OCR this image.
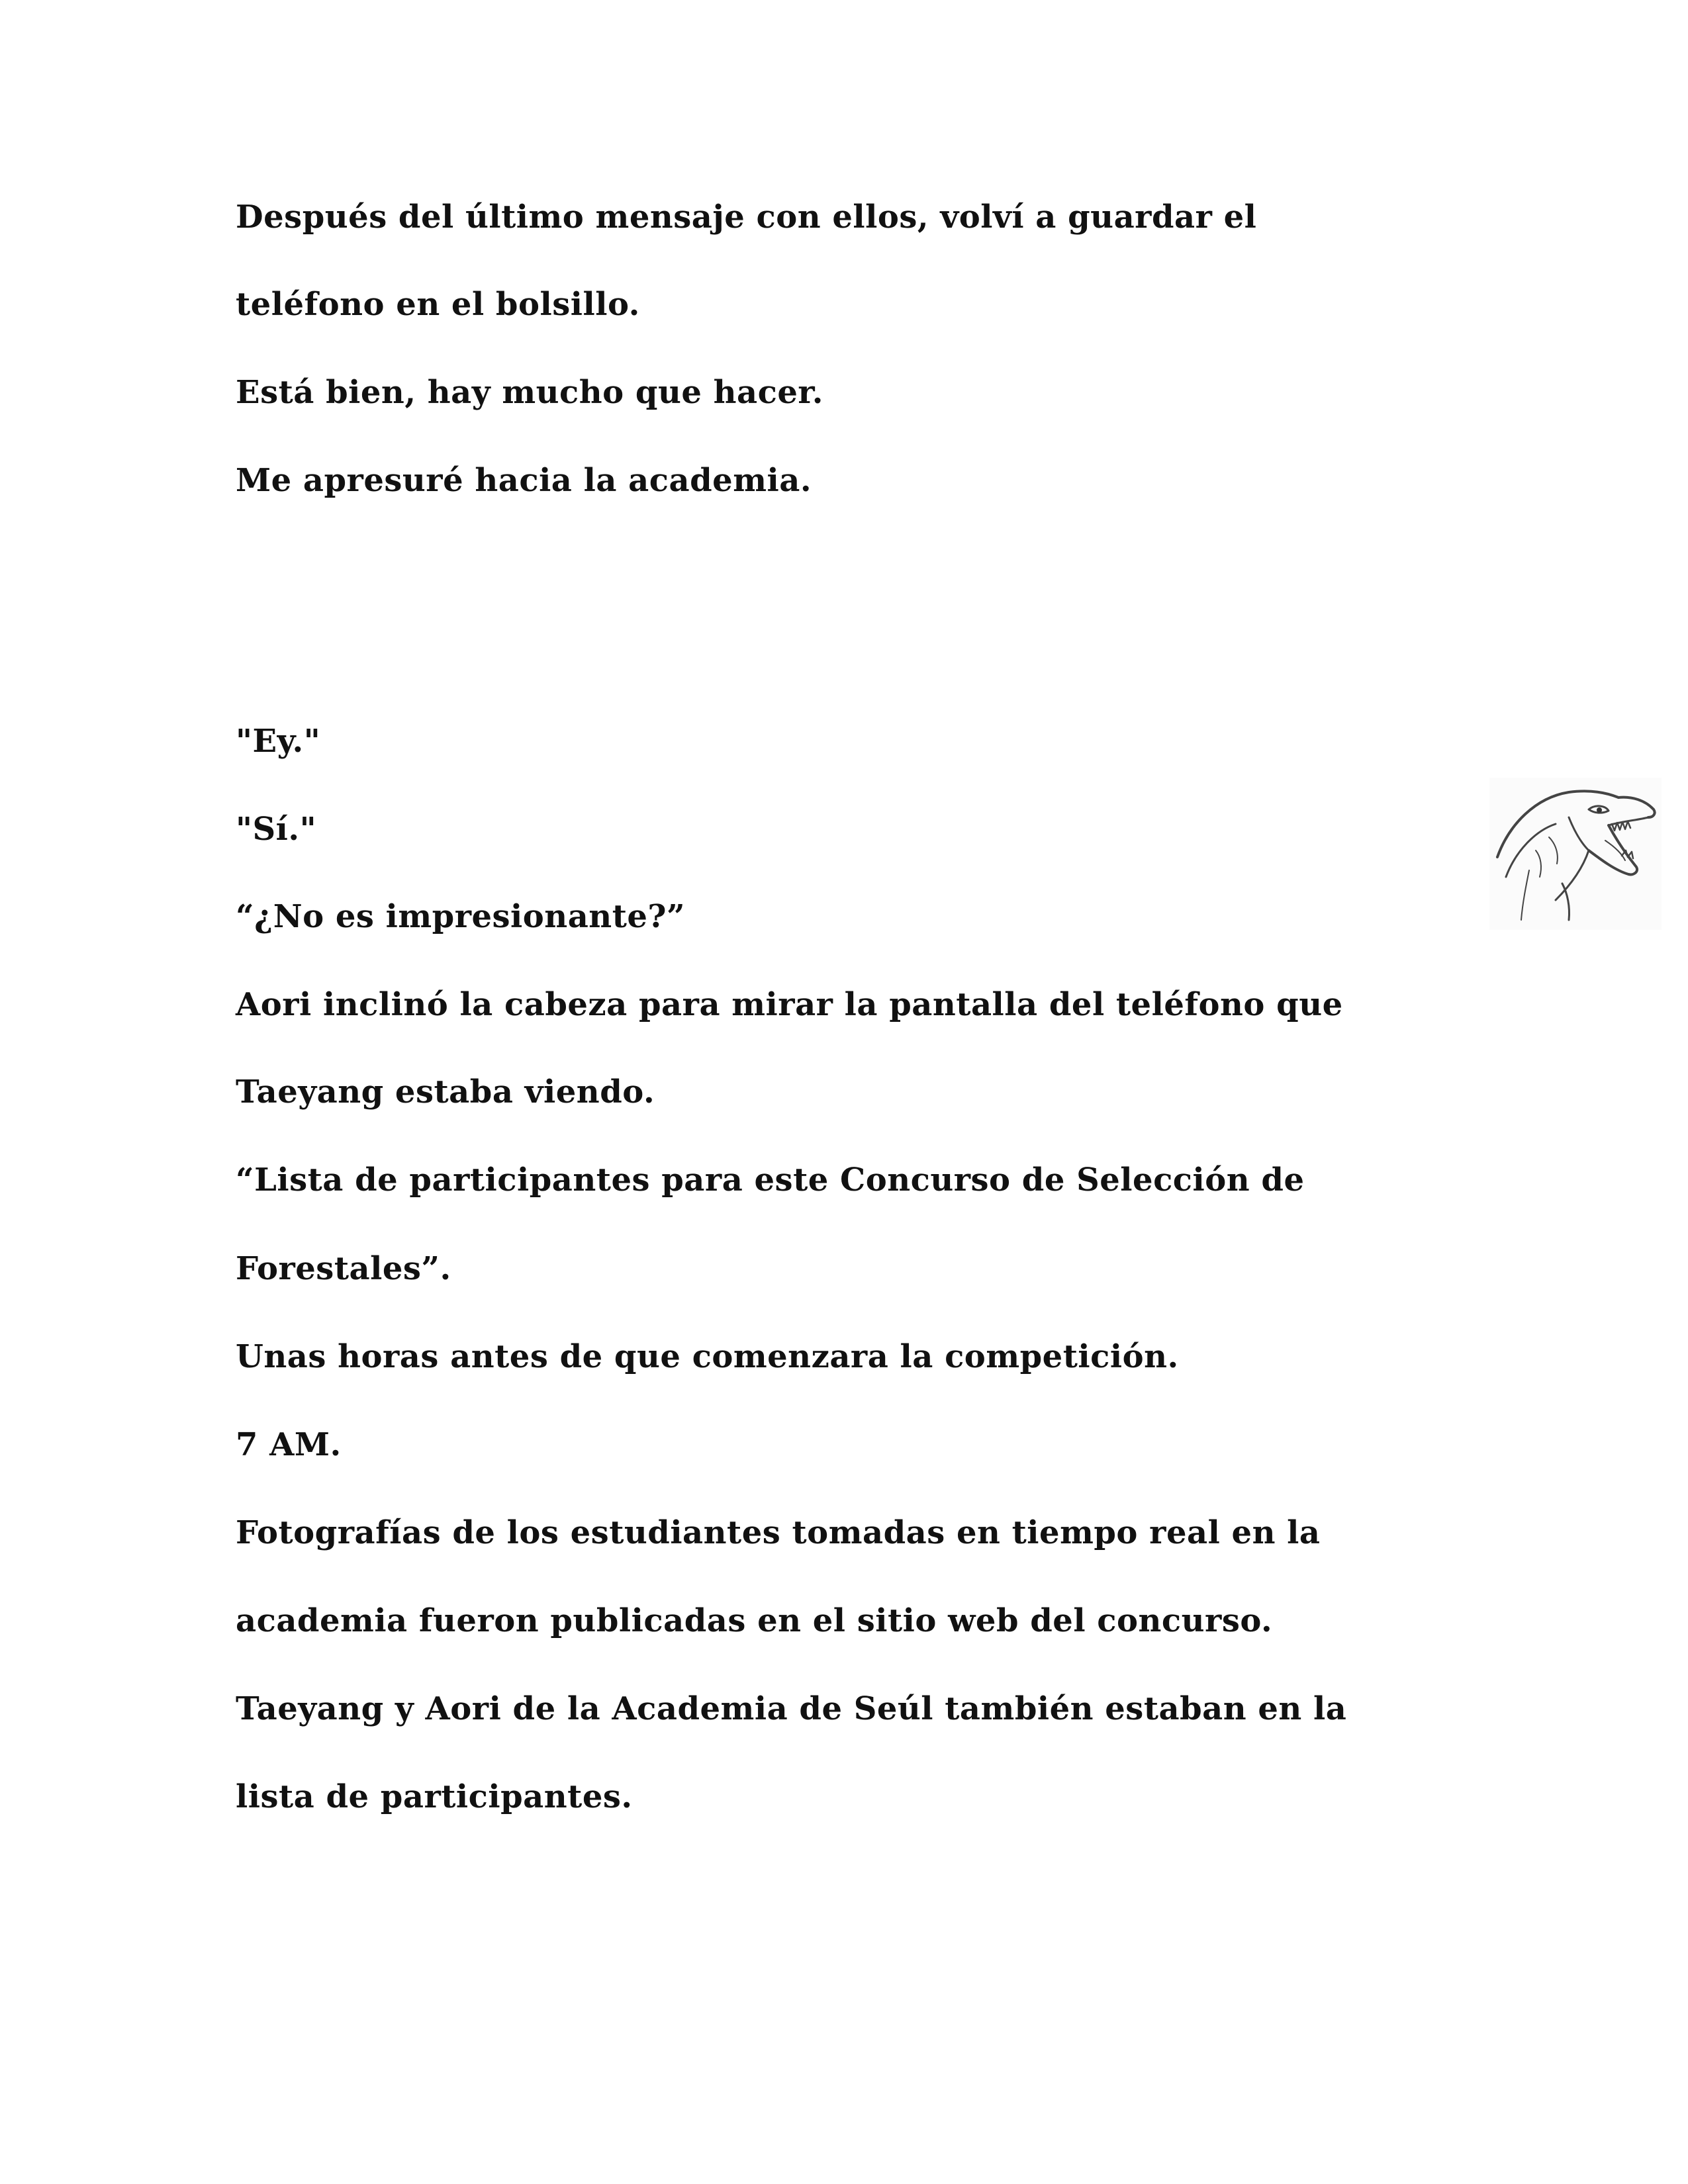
Después del último mensaje con ellos, volví a guardar el

teléfono en el bolsillo.

Está bien, hay mucho que hacer.

Me apresuré hacia la academia.

"Ey."

"Sí."

“¿No es impresionante?”

Aori inclinó la cabeza para mirar la pantalla del teléfono que

Taeyang estaba viendo.

“Lista de participantes para este Concurso de Selección de

Forestales”.

Unas horas antes de que comenzara la competición.

7 AM.

Fotografías de los estudiantes tomadas en tiempo real en la

academia fueron publicadas en el sitio web del concurso.

Taeyang y Aori de la Academia de Seúl también estaban en la

lista de participantes.
